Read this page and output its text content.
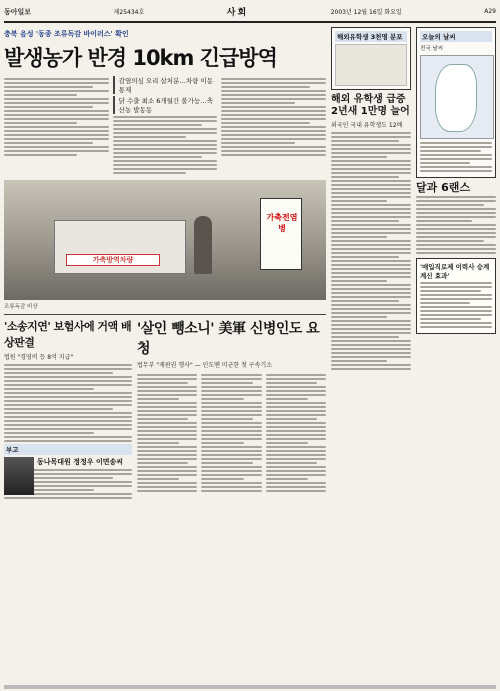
동아일보	제25434호	사회	2003년 12월 16일 화요일	A29
충북 음성 '동종 조류독감 바이러스' 확인
발생농가 반경 10km 긴급방역
감염의심 오리 살처분…차량 이동통제
닭 수출 최소 6개월간 불가능…축산농 발동동
가축방역차량
가축전염병
조류독감 비상
'소송지연' 보험사에 거액 배상판결
법원 "경영비 등 8억 지급"
부고
동나목대원 정정우 이면송씨
'살인 뺑소니' 美軍 신병인도 요청
법무부 "재판권 행사" — 인도땐 미군한 첫 구속기소
해외유학생 3천명 분포
해외 유학생 급증 2년새 1만명 늘어
외국인 국내 유학생도 12배
오늘의 날씨
전국 날씨
달과 6랜스
'매입직로제 이력사 승계계신 효과'
